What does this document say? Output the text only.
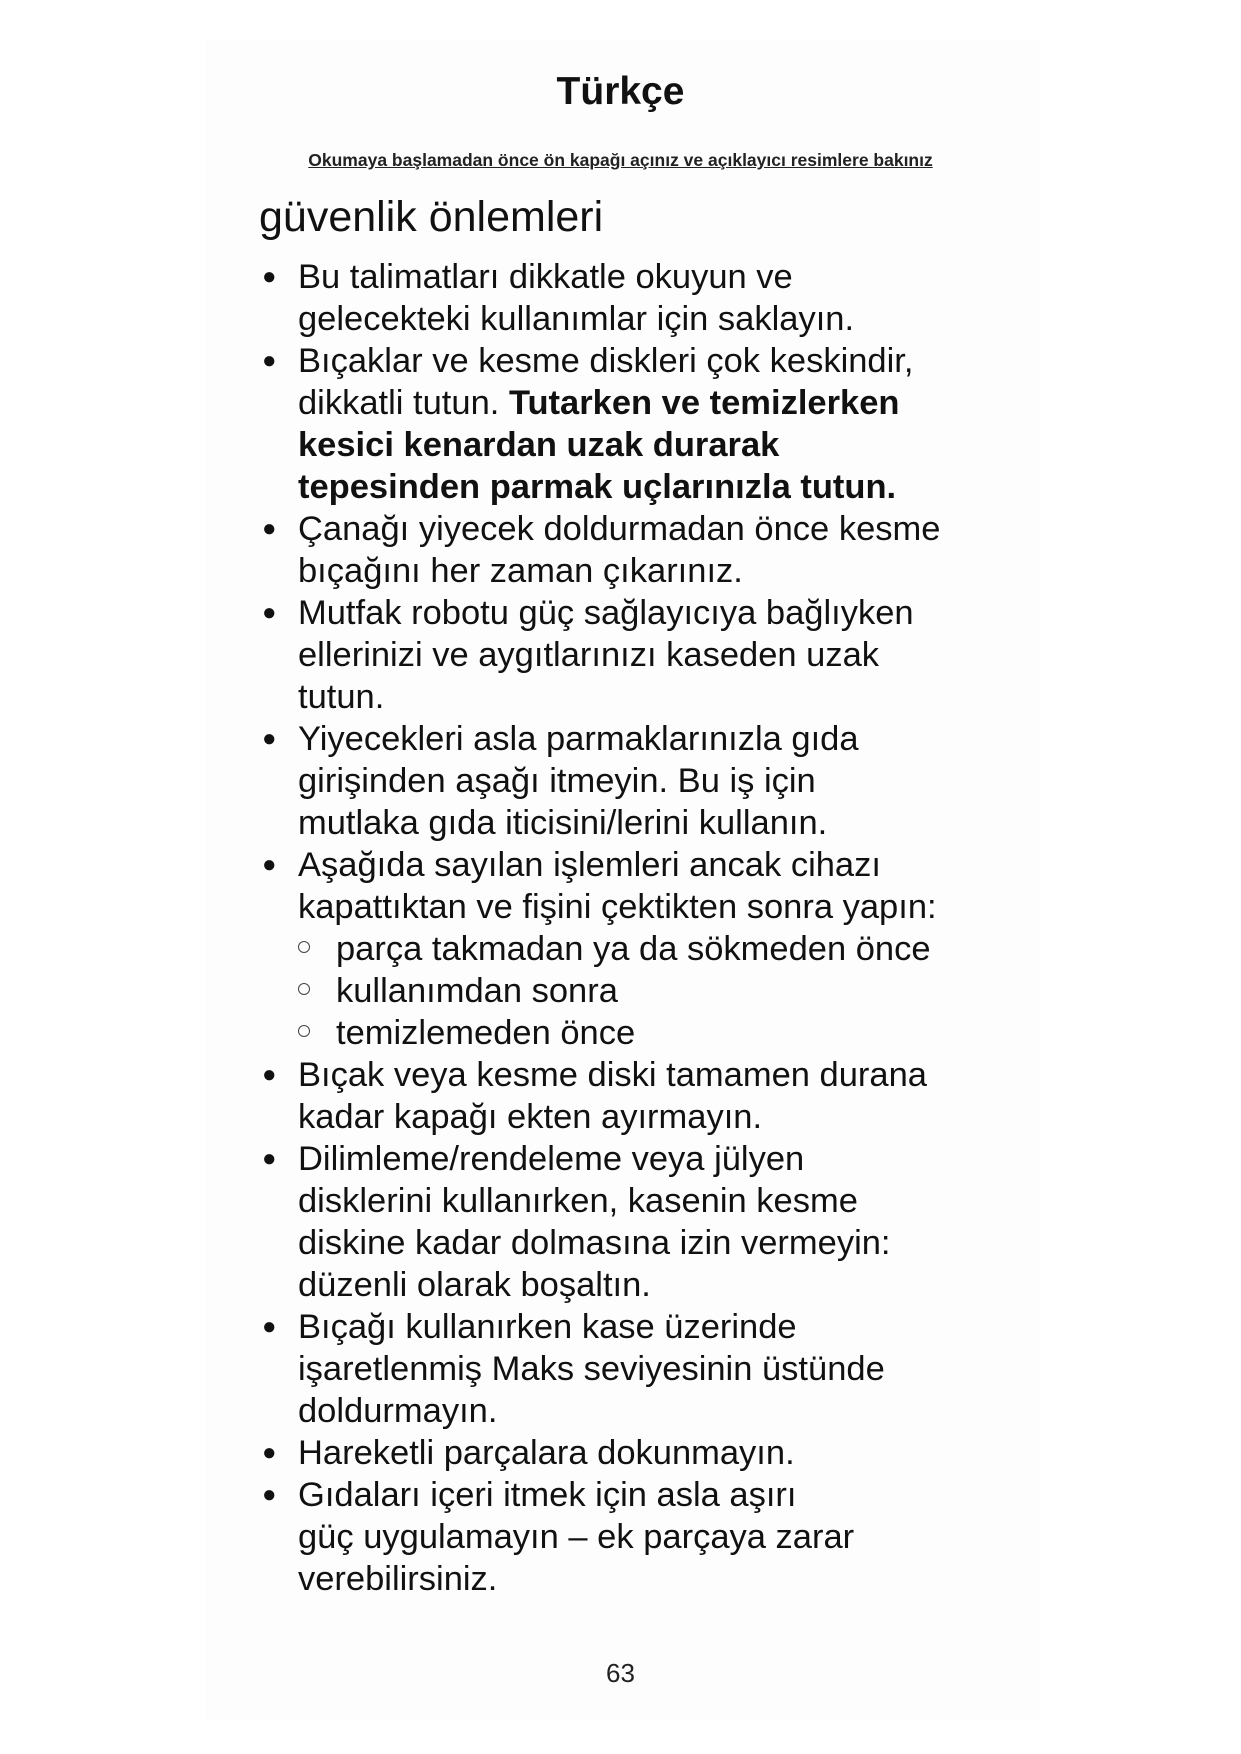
Türkçe
Okumaya başlamadan önce ön kapağı açınız ve açıklayıcı resimlere bakınız
güvenlik önlemleri
● Bu talimatları dikkatle okuyun ve
gelecekteki kullanımlar için saklayın.
● Bıçaklar ve kesme diskleri çok keskindir,
dikkatli tutun. Tutarken ve temizlerken
kesici kenardan uzak durarak
tepesinden parmak uçlarınızla tutun.
● Çanağı yiyecek doldurmadan önce kesme
bıçağını her zaman çıkarınız.
● Mutfak robotu güç sağlayıcıya bağlıyken
ellerinizi ve aygıtlarınızı kaseden uzak
tutun.
● Yiyecekleri asla parmaklarınızla gıda
girişinden aşağı itmeyin. Bu iş için
mutlaka gıda iticisini/lerini kullanın.
● Aşağıda sayılan işlemleri ancak cihazı
kapattıktan ve fişini çektikten sonra yapın:
parça takmadan ya da sökmeden önce
kullanımdan sonra
temizlemeden önce
● Bıçak veya kesme diski tamamen durana
kadar kapağı ekten ayırmayın.
● Dilimleme/rendeleme veya jülyen
disklerini kullanırken, kasenin kesme
diskine kadar dolmasına izin vermeyin:
düzenli olarak boşaltın.
● Bıçağı kullanırken kase üzerinde
işaretlenmiş Maks seviyesinin üstünde
doldurmayın.
● Hareketli parçalara dokunmayın.
● Gıdaları içeri itmek için asla aşırı
güç uygulamayın – ek parçaya zarar
verebilirsiniz.
63
